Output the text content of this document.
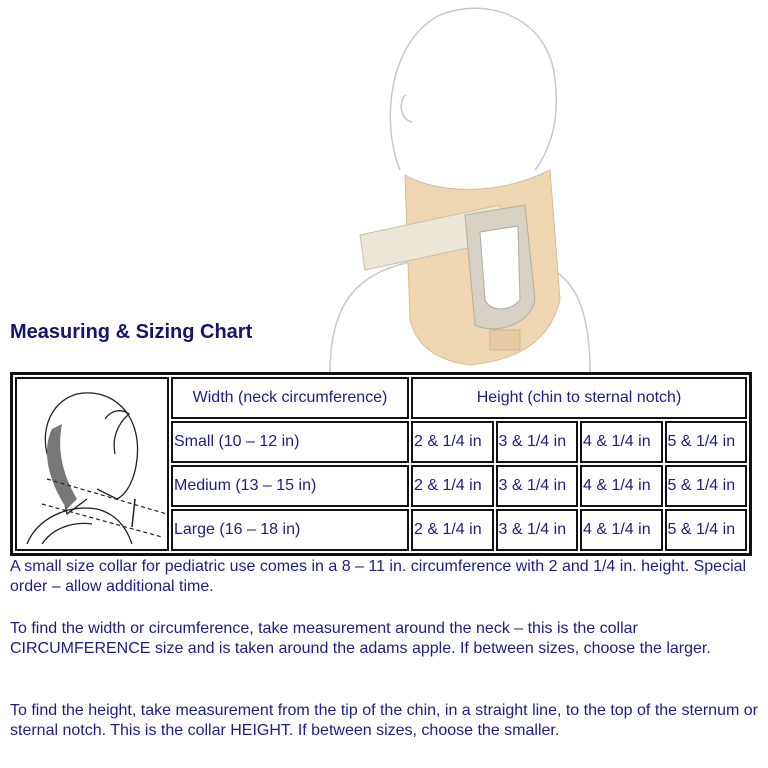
Measuring & Sizing Chart
	Width (neck circumference)	Height (chin to sternal notch)			
	Small (10 – 12 in)	2 & 1/4 in	3 & 1/4 in	4 & 1/4 in	5 & 1/4 in
	Medium (13 – 15 in)	2 & 1/4 in	3 & 1/4 in	4 & 1/4 in	5 & 1/4 in
	Large (16 – 18 in)	2 & 1/4 in	3 & 1/4 in	4 & 1/4 in	5 & 1/4 in

A small size collar for pediatric use comes in a 8 – 11 in. circumference with 2 and 1/4 in. height. Special order – allow additional time.

To find the width or circumference, take measurement around the neck – this is the collar CIRCUMFERENCE size and is taken around the adams apple. If between sizes, choose the larger.

To find the height, take measurement from the tip of the chin, in a straight line, to the top of the sternum or sternal notch. This is the collar HEIGHT. If between sizes, choose the smaller.
